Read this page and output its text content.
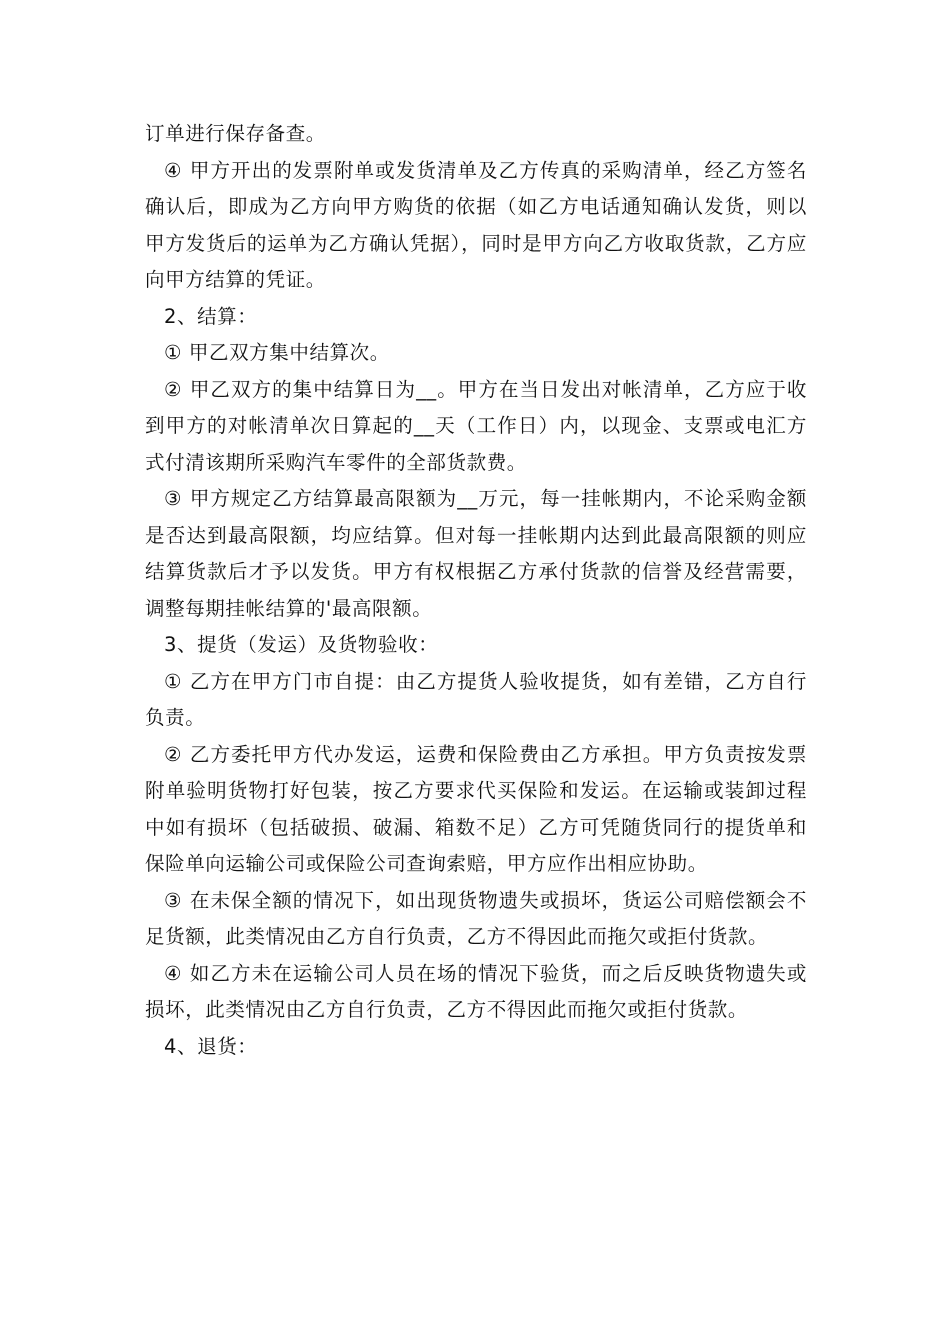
订单进行保存备查。

④ 甲方开出的发票附单或发货清单及乙方传真的采购清单，经乙方签名确认后，即成为乙方向甲方购货的依据（如乙方电话通知确认发货，则以甲方发货后的运单为乙方确认凭据），同时是甲方向乙方收取货款，乙方应向甲方结算的凭证。

2、结算：

① 甲乙双方集中结算次。

② 甲乙双方的集中结算日为__。甲方在当日发出对帐清单，乙方应于收到甲方的对帐清单次日算起的__天（工作日）内，以现金、支票或电汇方式付清该期所采购汽车零件的全部货款费。

③ 甲方规定乙方结算最高限额为__万元，每一挂帐期内，不论采购金额是否达到最高限额，均应结算。但对每一挂帐期内达到此最高限额的则应结算货款后才予以发货。甲方有权根据乙方承付货款的信誉及经营需要，调整每期挂帐结算的'最高限额。

3、提货（发运）及货物验收：

① 乙方在甲方门市自提：由乙方提货人验收提货，如有差错，乙方自行负责。

② 乙方委托甲方代办发运，运费和保险费由乙方承担。甲方负责按发票附单验明货物打好包装，按乙方要求代买保险和发运。在运输或装卸过程中如有损坏（包括破损、破漏、箱数不足）乙方可凭随货同行的提货单和保险单向运输公司或保险公司查询索赔，甲方应作出相应协助。

③ 在未保全额的情况下，如出现货物遗失或损坏，货运公司赔偿额会不足货额，此类情况由乙方自行负责，乙方不得因此而拖欠或拒付货款。

④ 如乙方未在运输公司人员在场的情况下验货，而之后反映货物遗失或损坏，此类情况由乙方自行负责，乙方不得因此而拖欠或拒付货款。

4、退货：
